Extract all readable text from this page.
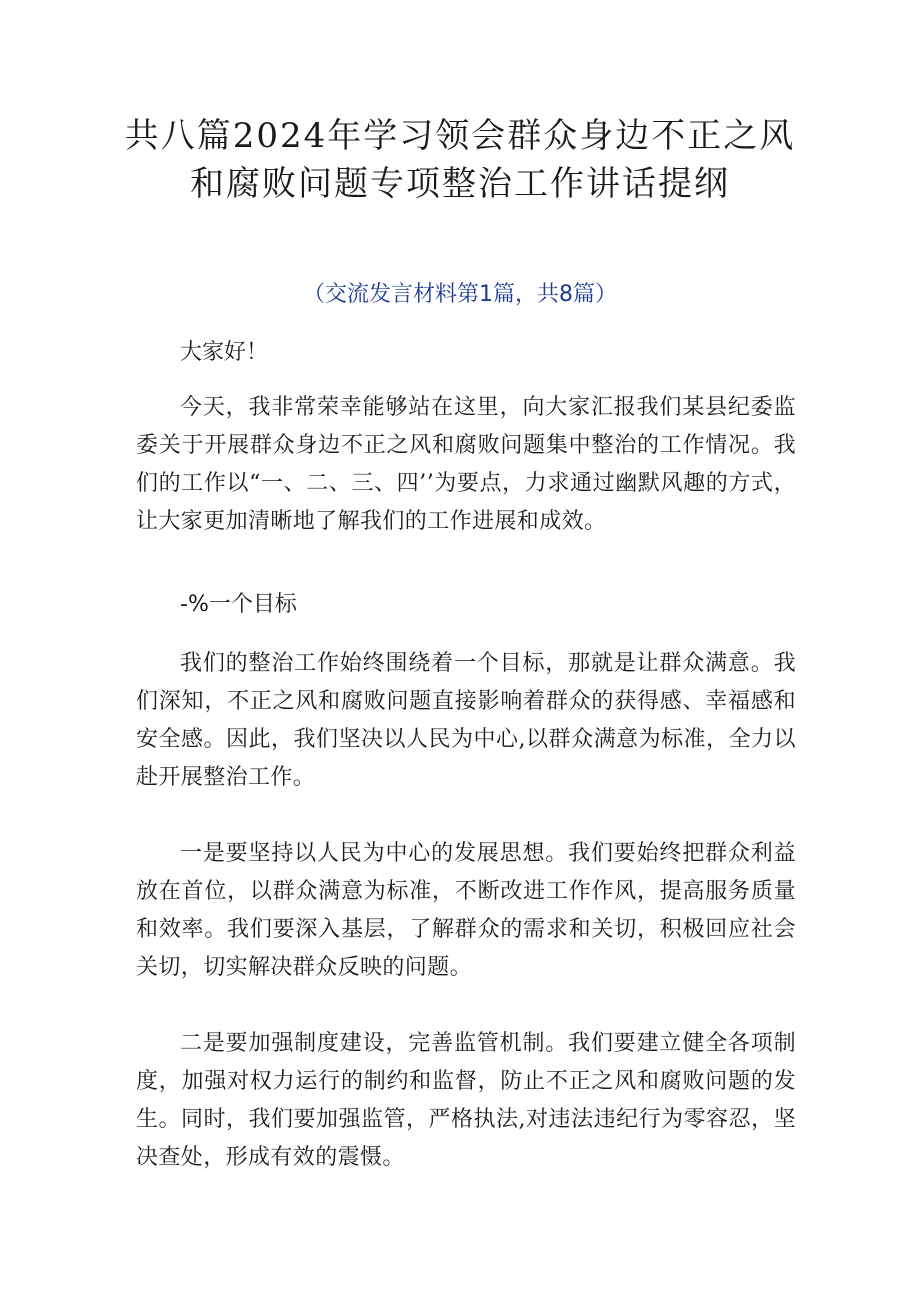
共八篇2024年学习领会群众身边不正之风
和腐败问题专项整治工作讲话提纲
（交流发言材料第1篇，共8篇）
大家好！

今天，我非常荣幸能够站在这里，向大家汇报我们某县纪委监委关于开展群众身边不正之风和腐败问题集中整治的工作情况。我们的工作以“一、二、三、四’’为要点，力求通过幽默风趣的方式，让大家更加清晰地了解我们的工作进展和成效。

-%一个目标

我们的整治工作始终围绕着一个目标，那就是让群众满意。我们深知，不正之风和腐败问题直接影响着群众的获得感、幸福感和安全感。因此，我们坚决以人民为中心,以群众满意为标准，全力以赴开展整治工作。

一是要坚持以人民为中心的发展思想。我们要始终把群众利益放在首位，以群众满意为标准，不断改进工作作风，提高服务质量和效率。我们要深入基层，了解群众的需求和关切，积极回应社会关切，切实解决群众反映的问题。

二是要加强制度建设，完善监管机制。我们要建立健全各项制度，加强对权力运行的制约和监督，防止不正之风和腐败问题的发生。同时，我们要加强监管，严格执法,对违法违纪行为零容忍，坚决查处，形成有效的震慑。
